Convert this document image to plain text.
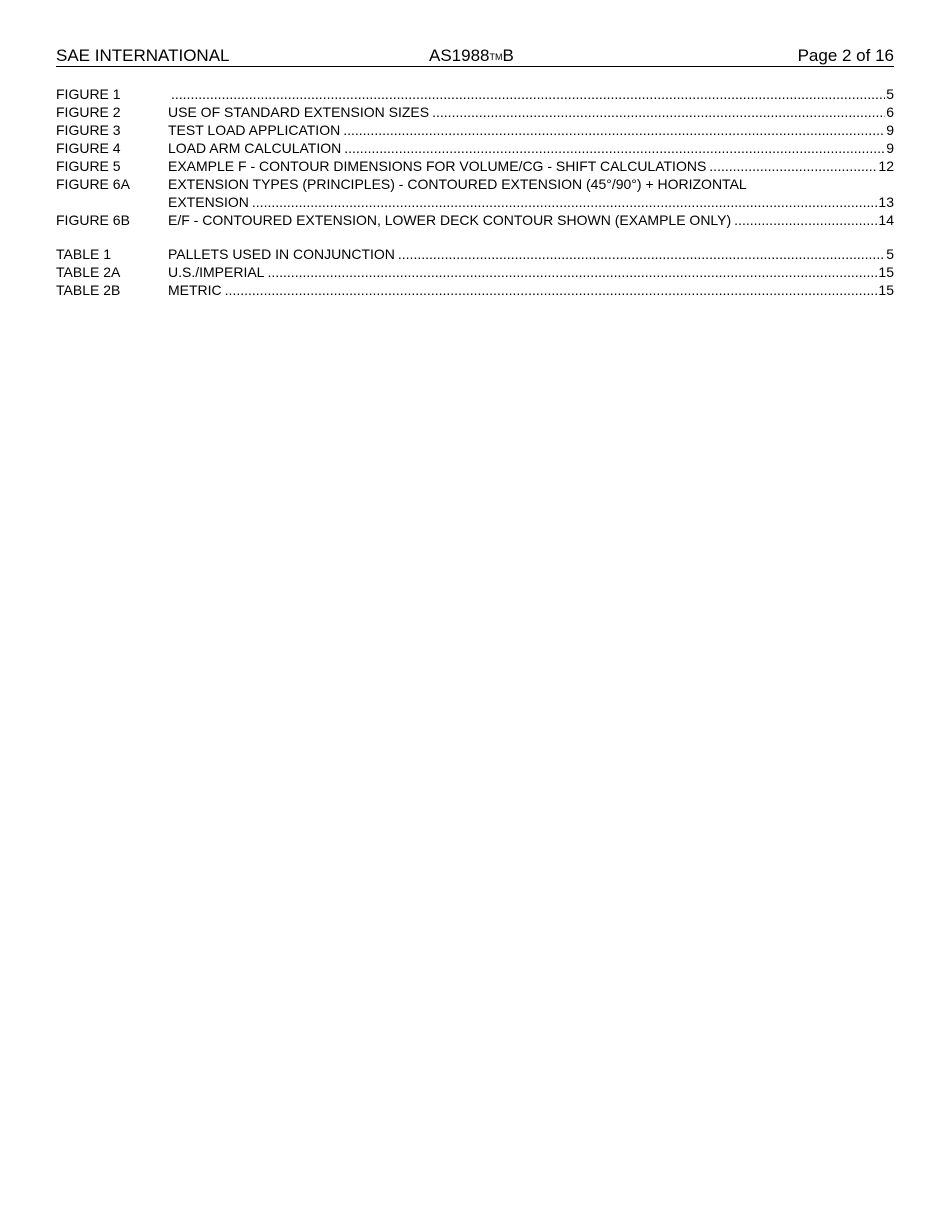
SAE INTERNATIONAL	AS1988TMB	Page 2 of 16
FIGURE 1 .....	5
FIGURE 2	USE OF STANDARD EXTENSION SIZES .....	6
FIGURE 3	TEST LOAD APPLICATION .....	9
FIGURE 4	LOAD ARM CALCULATION .....	9
FIGURE 5	EXAMPLE F - CONTOUR DIMENSIONS FOR VOLUME/CG - SHIFT CALCULATIONS .....	12
FIGURE 6A	EXTENSION TYPES (PRINCIPLES) - CONTOURED EXTENSION (45°/90°) + HORIZONTAL
EXTENSION .....	13
FIGURE 6B	E/F - CONTOURED EXTENSION, LOWER DECK CONTOUR SHOWN (EXAMPLE ONLY) .....	14
TABLE 1	PALLETS USED IN CONJUNCTION .....	5
TABLE 2A	U.S./IMPERIAL .....	15
TABLE 2B	METRIC .....	15
